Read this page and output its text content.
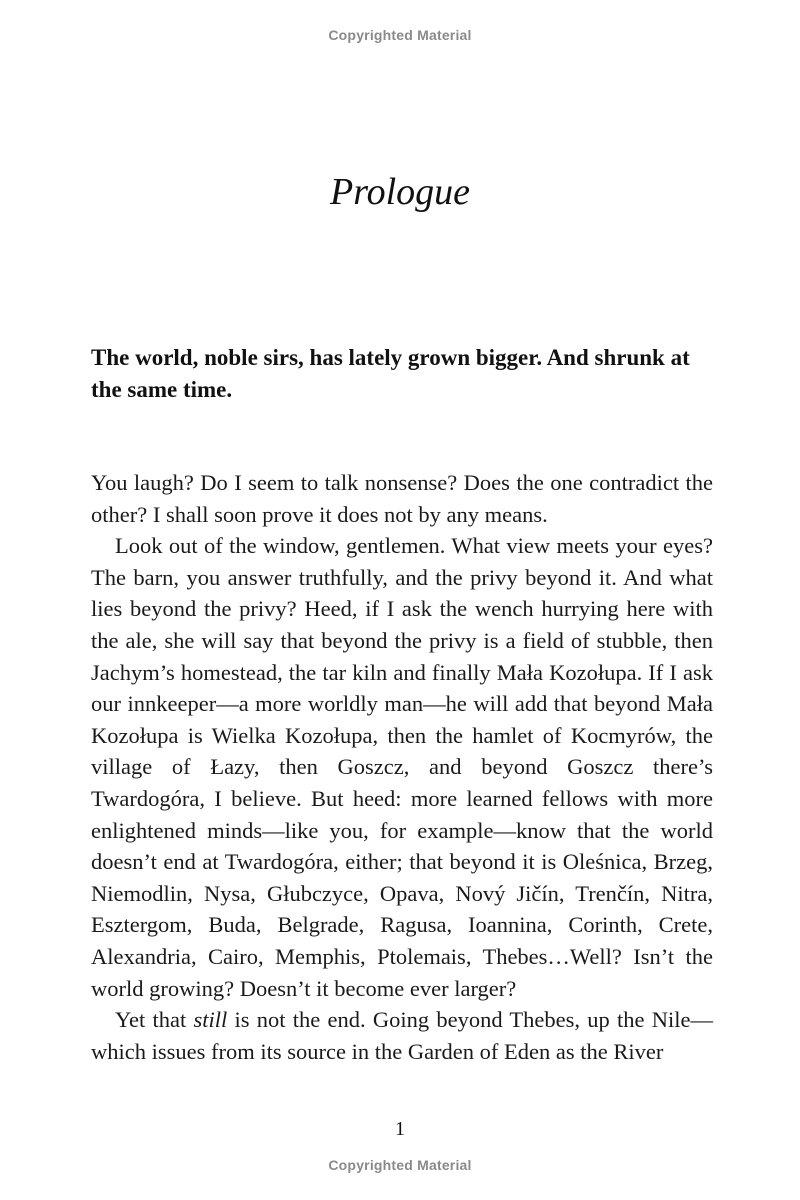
Copyrighted Material
Prologue

The world, noble sirs, has lately grown bigger. And shrunk at the same time.

You laugh? Do I seem to talk nonsense? Does the one contradict the other? I shall soon prove it does not by any means.

Look out of the window, gentlemen. What view meets your eyes? The barn, you answer truthfully, and the privy beyond it. And what lies beyond the privy? Heed, if I ask the wench hurrying here with the ale, she will say that beyond the privy is a field of stubble, then Jachym’s homestead, the tar kiln and finally Mała Kozołupa. If I ask our innkeeper—a more worldly man—he will add that beyond Mała Kozołupa is Wielka Kozołupa, then the hamlet of Kocmyrów, the village of Łazy, then Goszcz, and beyond Goszcz there’s Twardogóra, I believe. But heed: more learned fellows with more enlightened minds—like you, for example—know that the world doesn’t end at Twardogóra, either; that beyond it is Oleśnica, Brzeg, Niemodlin, Nysa, Głubczyce, Opava, Nový Jičín, Trenčín, Nitra, Esztergom, Buda, Belgrade, Ragusa, Ioannina, Corinth, Crete, Alexandria, Cairo, Memphis, Ptolemais, Thebes…Well? Isn’t the world growing? Doesn’t it become ever larger?

Yet that still is not the end. Going beyond Thebes, up the Nile—which issues from its source in the Garden of Eden as the River

1
Copyrighted Material
